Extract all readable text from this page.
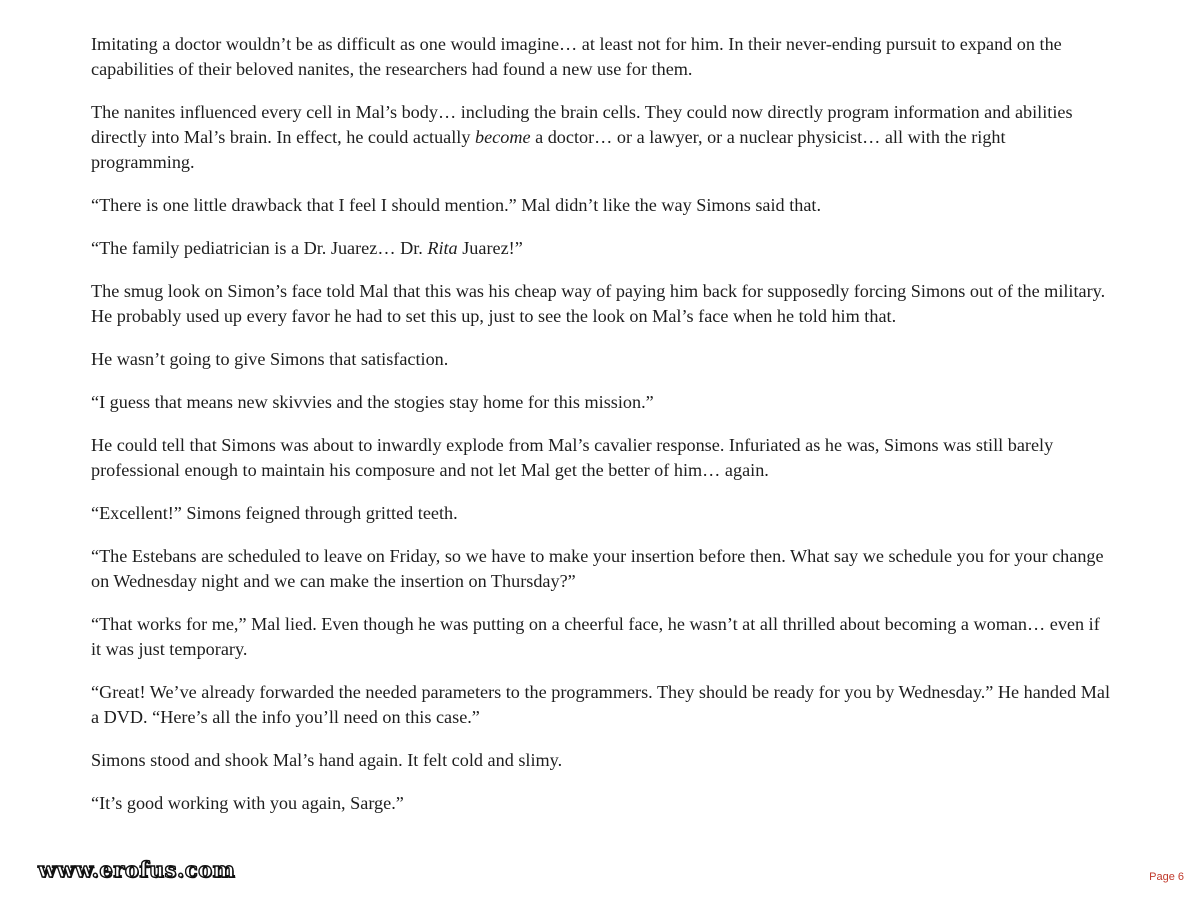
Imitating a doctor wouldn’t be as difficult as one would imagine… at least not for him. In their never-ending pursuit to expand on the capabilities of their beloved nanites, the researchers had found a new use for them.

The nanites influenced every cell in Mal’s body… including the brain cells. They could now directly program information and abilities directly into Mal’s brain. In effect, he could actually become a doctor… or a lawyer, or a nuclear physicist… all with the right programming.

“There is one little drawback that I feel I should mention.” Mal didn’t like the way Simons said that.

“The family pediatrician is a Dr. Juarez… Dr. Rita Juarez!”

The smug look on Simon’s face told Mal that this was his cheap way of paying him back for supposedly forcing Simons out of the military. He probably used up every favor he had to set this up, just to see the look on Mal’s face when he told him that.

He wasn’t going to give Simons that satisfaction.

“I guess that means new skivvies and the stogies stay home for this mission.”

He could tell that Simons was about to inwardly explode from Mal’s cavalier response. Infuriated as he was, Simons was still barely professional enough to maintain his composure and not let Mal get the better of him… again.

“Excellent!” Simons feigned through gritted teeth.

“The Estebans are scheduled to leave on Friday, so we have to make your insertion before then. What say we schedule you for your change on Wednesday night and we can make the insertion on Thursday?”

“That works for me,” Mal lied. Even though he was putting on a cheerful face, he wasn’t at all thrilled about becoming a woman… even if it was just temporary.

“Great! We’ve already forwarded the needed parameters to the programmers. They should be ready for you by Wednesday.” He handed Mal a DVD. “Here’s all the info you’ll need on this case.”

Simons stood and shook Mal’s hand again. It felt cold and slimy.

“It’s good working with you again, Sarge.”

www.erofus.com	Page 6
